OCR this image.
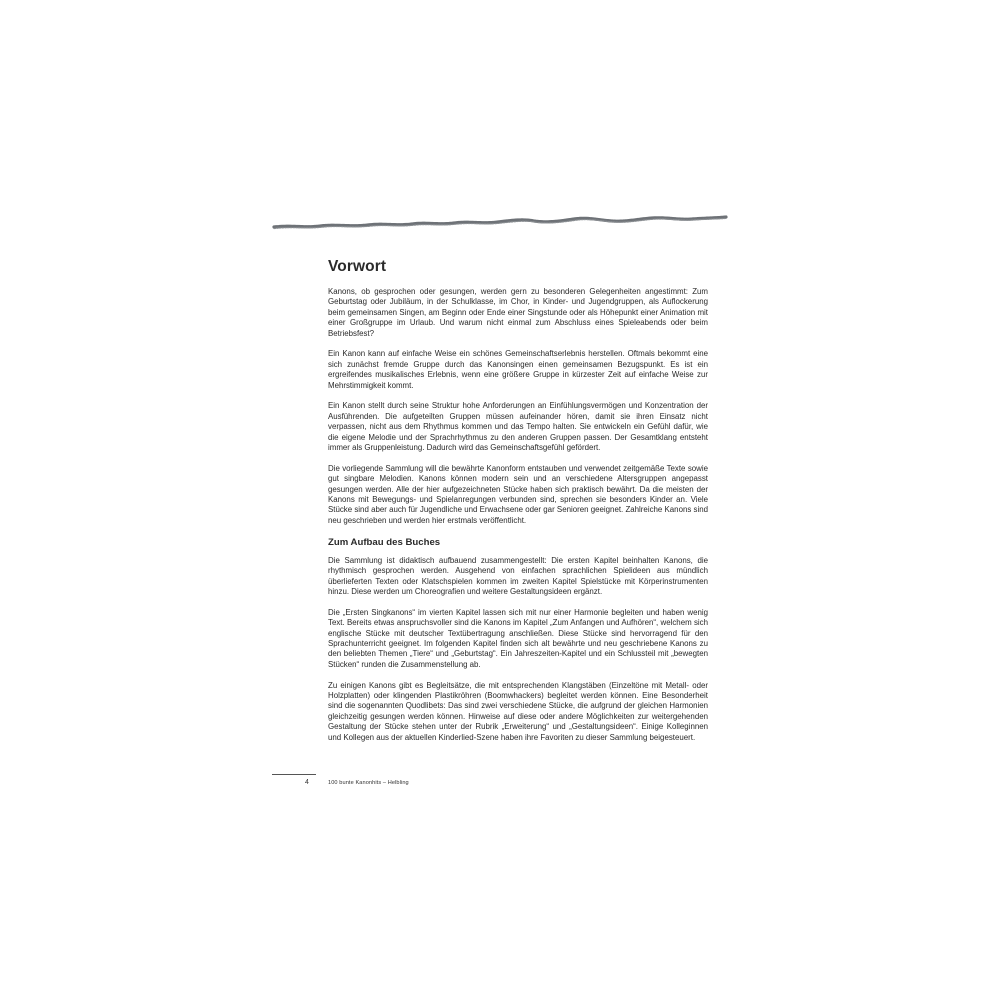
Vorwort

Kanons, ob gesprochen oder gesungen, werden gern zu besonderen Gelegenheiten angestimmt: Zum Geburtstag oder Jubiläum, in der Schulklasse, im Chor, in Kinder- und Jugendgruppen, als Auflockerung beim gemeinsamen Singen, am Beginn oder Ende einer Singstunde oder als Höhepunkt einer Animation mit einer Großgruppe im Urlaub. Und warum nicht einmal zum Abschluss eines Spieleabends oder beim Betriebsfest?

Ein Kanon kann auf einfache Weise ein schönes Gemeinschaftserlebnis herstellen. Oftmals bekommt eine sich zunächst fremde Gruppe durch das Kanonsingen einen gemeinsamen Bezugspunkt. Es ist ein ergreifendes musikalisches Erlebnis, wenn eine größere Gruppe in kürzester Zeit auf einfache Weise zur Mehrstimmigkeit kommt.

Ein Kanon stellt durch seine Struktur hohe Anforderungen an Einfühlungsvermögen und Konzentration der Ausführenden. Die aufgeteilten Gruppen müssen aufeinander hören, damit sie ihren Einsatz nicht verpassen, nicht aus dem Rhythmus kommen und das Tempo halten. Sie entwickeln ein Gefühl dafür, wie die eigene Melodie und der Sprachrhythmus zu den anderen Gruppen passen. Der Gesamtklang entsteht immer als Gruppenleistung. Dadurch wird das Gemeinschaftsgefühl gefördert.

Die vorliegende Sammlung will die bewährte Kanonform entstauben und verwendet zeitgemäße Texte sowie gut singbare Melodien. Kanons können modern sein und an verschiedene Altersgruppen angepasst gesungen werden. Alle der hier aufgezeichneten Stücke haben sich praktisch bewährt. Da die meisten der Kanons mit Bewegungs- und Spielanregungen verbunden sind, sprechen sie besonders Kinder an. Viele Stücke sind aber auch für Jugendliche und Erwachsene oder gar Senioren geeignet. Zahlreiche Kanons sind neu geschrieben und werden hier erstmals veröffentlicht.

Zum Aufbau des Buches

Die Sammlung ist didaktisch aufbauend zusammengestellt: Die ersten Kapitel beinhalten Kanons, die rhythmisch gesprochen werden. Ausgehend von einfachen sprachlichen Spielideen aus mündlich überlieferten Texten oder Klatschspielen kommen im zweiten Kapitel Spielstücke mit Körperinstrumenten hinzu. Diese werden um Choreografien und weitere Gestaltungsideen ergänzt.

Die „Ersten Singkanons“ im vierten Kapitel lassen sich mit nur einer Harmonie begleiten und haben wenig Text. Bereits etwas anspruchsvoller sind die Kanons im Kapitel „Zum Anfangen und Aufhören“, welchem sich englische Stücke mit deutscher Textübertragung anschließen. Diese Stücke sind hervorragend für den Sprachunterricht geeignet. Im folgenden Kapitel finden sich alt bewährte und neu geschriebene Kanons zu den beliebten Themen „Tiere“ und „Geburtstag“. Ein Jahreszeiten-Kapitel und ein Schlussteil mit „bewegten Stücken“ runden die Zusammenstellung ab.

Zu einigen Kanons gibt es Begleitsätze, die mit entsprechenden Klangstäben (Einzeltöne mit Metall- oder Holzplatten) oder klingenden Plastikröhren (Boomwhackers) begleitet werden können. Eine Besonderheit sind die sogenannten Quodlibets: Das sind zwei verschiedene Stücke, die aufgrund der gleichen Harmonien gleichzeitig gesungen werden können. Hinweise auf diese oder andere Möglichkeiten zur weitergehenden Gestaltung der Stücke stehen unter der Rubrik „Erweiterung“ und „Gestaltungsideen“. Einige Kolleginnen und Kollegen aus der aktuellen Kinderlied-Szene haben ihre Favoriten zu dieser Sammlung beigesteuert.

4	100 bunte Kanonhits – Helbling
